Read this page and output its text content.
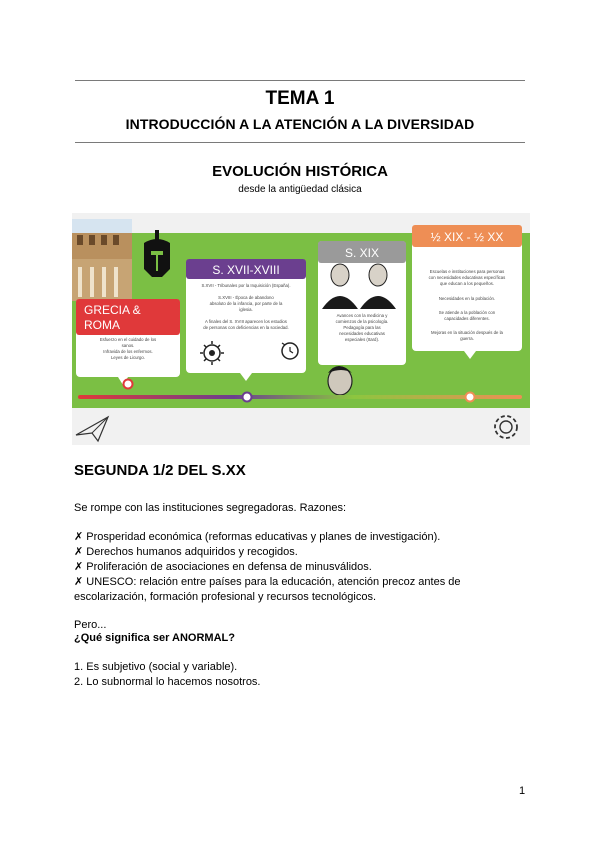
TEMA 1
INTRODUCCIÓN A LA ATENCIÓN A LA DIVERSIDAD
EVOLUCIÓN HISTÓRICA
desde la antigüedad clásica
GRECIA &
ROMA
Esfuerzo en el cuidado de los
sanos.
Infravida de los enfermos.
Leyes de Licurgo.
S. XVII-XVIII
S.XVII - Tribunales por la Inquisición (España).
S.XVIII - Época de abandono
absoluto de la infancia, por parte de la
iglesia.
A finales del S. XVIII aparecen los estudios
de personas con deficiencias en la sociedad.
S. XIX
Avances con la medicina y
comienzos de la psicología.
Pedagogía para las
necesidades educativas
especiales (Itard).
½ XIX - ½ XX
Escuelas e instituciones para personas
con necesidades educativas específicas
que educan a los pequeños.
Necesidades en la población.
Se atiende a la población con
capacidades diferentes.
Mejoras en la situación después de la
guerra.
SEGUNDA 1/2 DEL S.XX
Se rompe con las instituciones segregadoras. Razones:
✗ Prosperidad económica (reformas educativas y planes de investigación).
✗ Derechos humanos adquiridos y recogidos.
✗ Proliferación de asociaciones en defensa de minusválidos.
✗ UNESCO: relación entre países para la educación, atención precoz antes de
escolarización, formación profesional y recursos tecnológicos.
Pero...
¿Qué significa ser ANORMAL?
1. Es subjetivo (social y variable).
2. Lo subnormal lo hacemos nosotros.
1
